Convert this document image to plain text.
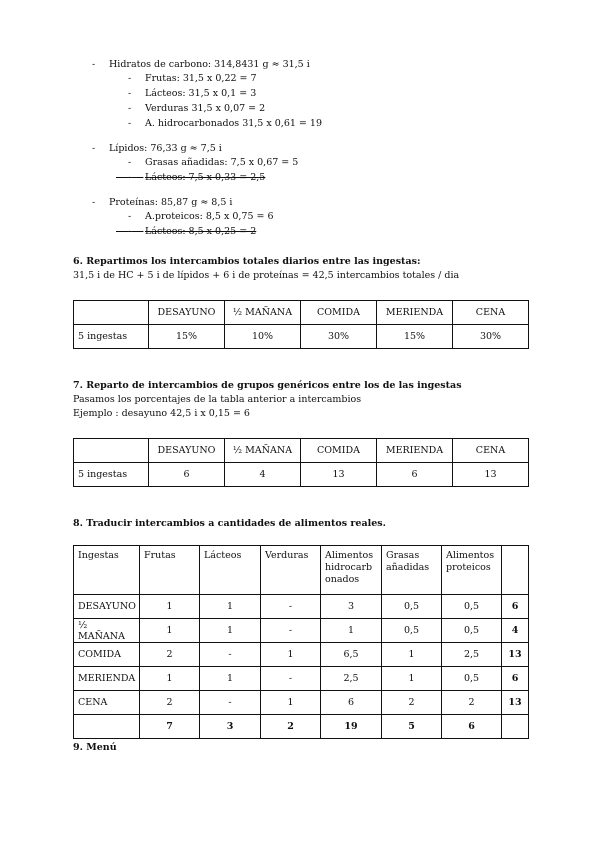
- Hidratos de carbono: 314,8431 g ≈ 31,5 i
- Frutas: 31,5 x 0,22 = 7
- Lácteos: 31,5 x 0,1 = 3
- Verduras 31,5 x 0,07 = 2
- A. hidrocarbonados 31,5 x 0,61 = 19
- Lípidos: 76,33 g ≈ 7,5 i
- Grasas añadidas: 7,5 x 0,67 = 5
-	Lácteos: 7,5 x 0,33 = 2,5
- Proteínas: 85,87 g ≈ 8,5 i
- A.proteicos: 8,5 x 0,75 = 6
-	Lácteos: 8,5 x 0,25 = 2
6. Repartimos los intercambios totales diarios entre las ingestas:
31,5 i de HC + 5 i de lípidos + 6 i de proteínas = 42,5 intercambios totales / dia
	DESAYUNO	½ MAÑANA	COMIDA	MERIENDA	CENA
5 ingestas	15%	10%	30%	15%	30%
7. Reparto de intercambios de grupos genéricos entre los de las ingestas
Pasamos los porcentajes de la tabla anterior a intercambios
Ejemplo : desayuno 42,5 i x 0,15 = 6
	DESAYUNO	½ MAÑANA	COMIDA	MERIENDA	CENA
5 ingestas	6	4	13	6	13
8. Traducir intercambios a cantidades de alimentos reales.
Ingestas	Frutas	Lácteos	Verduras	Alimentos hidrocarb onados	Grasas añadidas	Alimentos proteicos	
DESAYUNO	1	1	-	3	0,5	0,5	6
½ MAÑANA	1	1	-	1	0,5	0,5	4
COMIDA	2	-	1	6,5	1	2,5	13
MERIENDA	1	1	-	2,5	1	0,5	6
CENA	2	-	1	6	2	2	13
	7	3	2	19	5	6	
9. Menú
